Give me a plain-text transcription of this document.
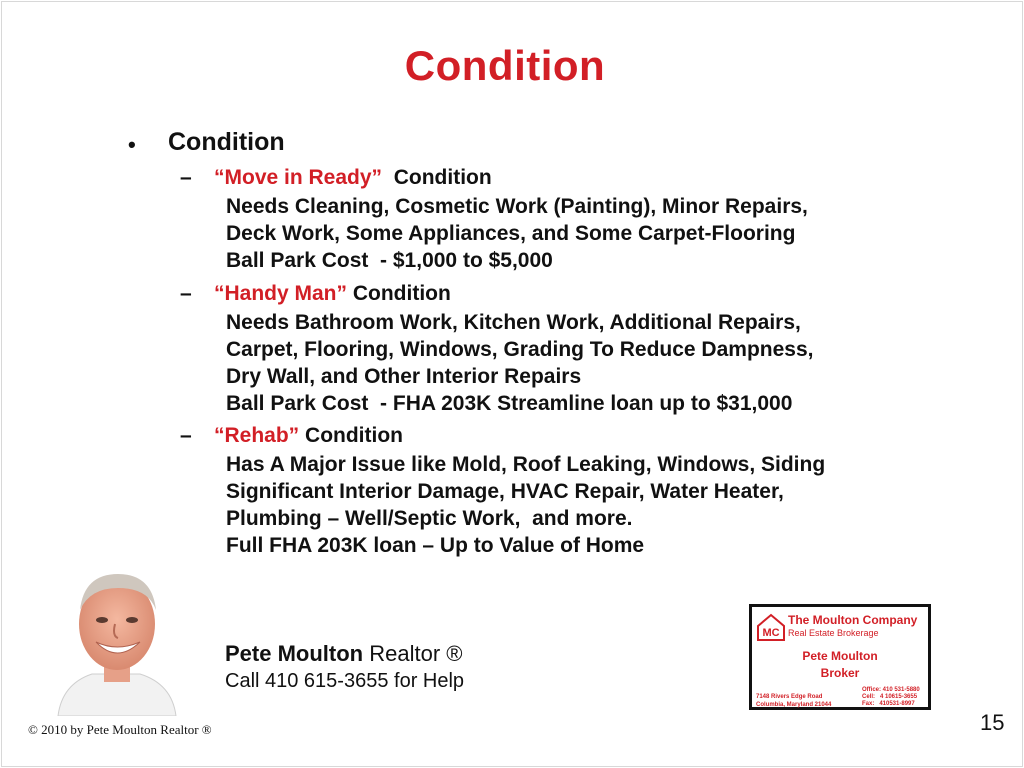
Condition
• Condition
– “Move in Ready”  Condition
Needs Cleaning, Cosmetic Work (Painting), Minor Repairs,
Deck Work, Some Appliances, and Some Carpet-Flooring
Ball Park Cost  - $1,000 to $5,000
– “Handy Man” Condition
Needs Bathroom Work, Kitchen Work, Additional Repairs,
Carpet, Flooring, Windows, Grading To Reduce Dampness,
Dry Wall, and Other Interior Repairs
Ball Park Cost  - FHA 203K Streamline loan up to $31,000
– “Rehab” Condition
Has A Major Issue like Mold, Roof Leaking, Windows, Siding
Significant Interior Damage, HVAC Repair, Water Heater,
Plumbing – Well/Septic Work,  and more.
Full FHA 203K loan – Up to Value of Home
Pete Moulton Realtor ®
Call 410 615-3655 for Help
MC
The Moulton Company
Real Estate Brokerage
Pete Moulton
Broker
7148 Rivers Edge Road
Columbia, Maryland 21044
Office: 410 531-5880
Cell:   4 10615-3655
Fax:   410531-8997
© 2010 by Pete Moulton Realtor ®	15
